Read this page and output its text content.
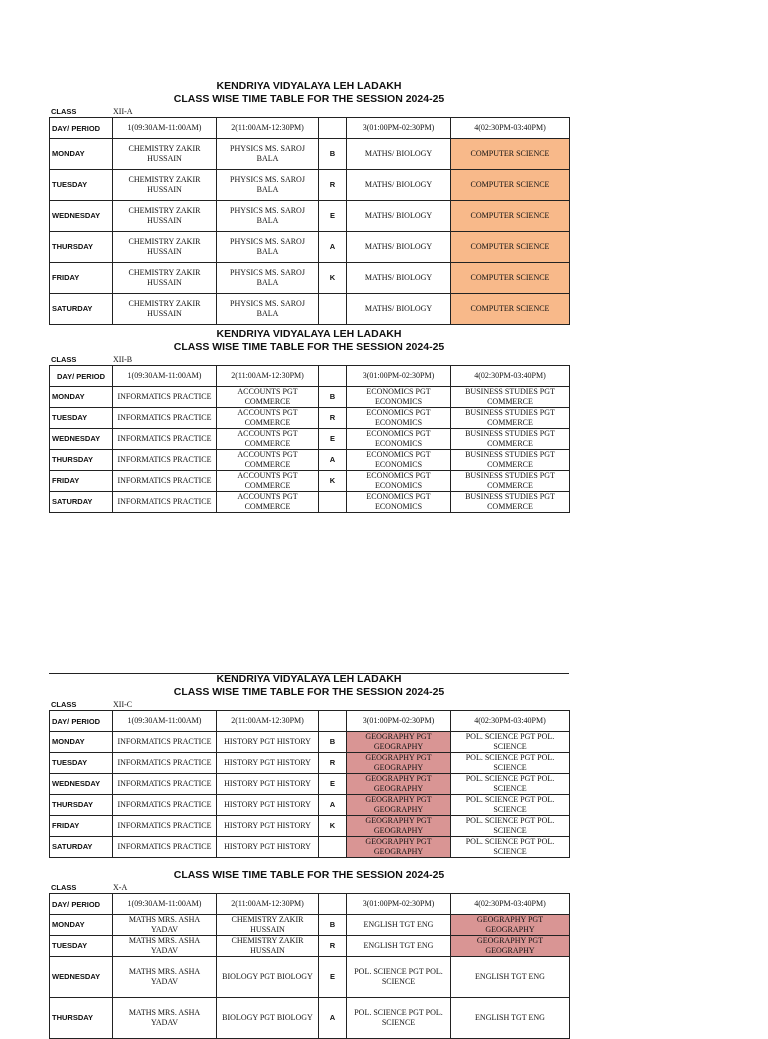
KENDRIYA VIDYALAYA LEH LADAKH
CLASS WISE TIME TABLE FOR THE SESSION 2024-25
CLASS	XII-A
DAY/ PERIOD	1(09:30AM-11:00AM)	2(11:00AM-12:30PM)		3(01:00PM-02:30PM)	4(02:30PM-03:40PM)
MONDAY	CHEMISTRY ZAKIR HUSSAIN	PHYSICS MS. SAROJ BALA	B	MATHS/ BIOLOGY	COMPUTER SCIENCE
TUESDAY	CHEMISTRY ZAKIR HUSSAIN	PHYSICS MS. SAROJ BALA	R	MATHS/ BIOLOGY	COMPUTER SCIENCE
WEDNESDAY	CHEMISTRY ZAKIR HUSSAIN	PHYSICS MS. SAROJ BALA	E	MATHS/ BIOLOGY	COMPUTER SCIENCE
THURSDAY	CHEMISTRY ZAKIR HUSSAIN	PHYSICS MS. SAROJ BALA	A	MATHS/ BIOLOGY	COMPUTER SCIENCE
FRIDAY	CHEMISTRY ZAKIR HUSSAIN	PHYSICS MS. SAROJ BALA	K	MATHS/ BIOLOGY	COMPUTER SCIENCE
SATURDAY	CHEMISTRY ZAKIR HUSSAIN	PHYSICS MS. SAROJ BALA		MATHS/ BIOLOGY	COMPUTER SCIENCE
KENDRIYA VIDYALAYA LEH LADAKH
CLASS WISE TIME TABLE FOR THE SESSION 2024-25
CLASS	XII-B
DAY/ PERIOD	1(09:30AM-11:00AM)	2(11:00AM-12:30PM)		3(01:00PM-02:30PM)	4(02:30PM-03:40PM)
MONDAY	INFORMATICS PRACTICE	ACCOUNTS PGT COMMERCE	B	ECONOMICS PGT ECONOMICS	BUSINESS STUDIES PGT COMMERCE
TUESDAY	INFORMATICS PRACTICE	ACCOUNTS PGT COMMERCE	R	ECONOMICS PGT ECONOMICS	BUSINESS STUDIES PGT COMMERCE
WEDNESDAY	INFORMATICS PRACTICE	ACCOUNTS PGT COMMERCE	E	ECONOMICS PGT ECONOMICS	BUSINESS STUDIES PGT COMMERCE
THURSDAY	INFORMATICS PRACTICE	ACCOUNTS PGT COMMERCE	A	ECONOMICS PGT ECONOMICS	BUSINESS STUDIES PGT COMMERCE
FRIDAY	INFORMATICS PRACTICE	ACCOUNTS PGT COMMERCE	K	ECONOMICS PGT ECONOMICS	BUSINESS STUDIES PGT COMMERCE
SATURDAY	INFORMATICS PRACTICE	ACCOUNTS PGT COMMERCE		ECONOMICS PGT ECONOMICS	BUSINESS STUDIES PGT COMMERCE
KENDRIYA VIDYALAYA LEH LADAKH
CLASS WISE TIME TABLE FOR THE SESSION 2024-25
CLASS	XII-C
DAY/ PERIOD	1(09:30AM-11:00AM)	2(11:00AM-12:30PM)		3(01:00PM-02:30PM)	4(02:30PM-03:40PM)
MONDAY	INFORMATICS PRACTICE	HISTORY PGT HISTORY	B	GEOGRAPHY PGT GEOGRAPHY	POL. SCIENCE PGT POL. SCIENCE
TUESDAY	INFORMATICS PRACTICE	HISTORY PGT HISTORY	R	GEOGRAPHY PGT GEOGRAPHY	POL. SCIENCE PGT POL. SCIENCE
WEDNESDAY	INFORMATICS PRACTICE	HISTORY PGT HISTORY	E	GEOGRAPHY PGT GEOGRAPHY	POL. SCIENCE PGT POL. SCIENCE
THURSDAY	INFORMATICS PRACTICE	HISTORY PGT HISTORY	A	GEOGRAPHY PGT GEOGRAPHY	POL. SCIENCE PGT POL. SCIENCE
FRIDAY	INFORMATICS PRACTICE	HISTORY PGT HISTORY	K	GEOGRAPHY PGT GEOGRAPHY	POL. SCIENCE PGT POL. SCIENCE
SATURDAY	INFORMATICS PRACTICE	HISTORY PGT HISTORY		GEOGRAPHY PGT GEOGRAPHY	POL. SCIENCE PGT POL. SCIENCE
CLASS WISE TIME TABLE FOR THE SESSION 2024-25
CLASS	X-A
DAY/ PERIOD	1(09:30AM-11:00AM)	2(11:00AM-12:30PM)		3(01:00PM-02:30PM)	4(02:30PM-03:40PM)
MONDAY	MATHS MRS. ASHA YADAV	CHEMISTRY ZAKIR HUSSAIN	B	ENGLISH TGT ENG	GEOGRAPHY PGT GEOGRAPHY
TUESDAY	MATHS MRS. ASHA YADAV	CHEMISTRY ZAKIR HUSSAIN	R	ENGLISH TGT ENG	GEOGRAPHY PGT GEOGRAPHY
WEDNESDAY	MATHS MRS. ASHA YADAV	BIOLOGY PGT BIOLOGY	E	POL. SCIENCE PGT POL. SCIENCE	ENGLISH TGT ENG
THURSDAY	MATHS MRS. ASHA YADAV	BIOLOGY PGT BIOLOGY	A	POL. SCIENCE PGT POL. SCIENCE	ENGLISH TGT ENG
